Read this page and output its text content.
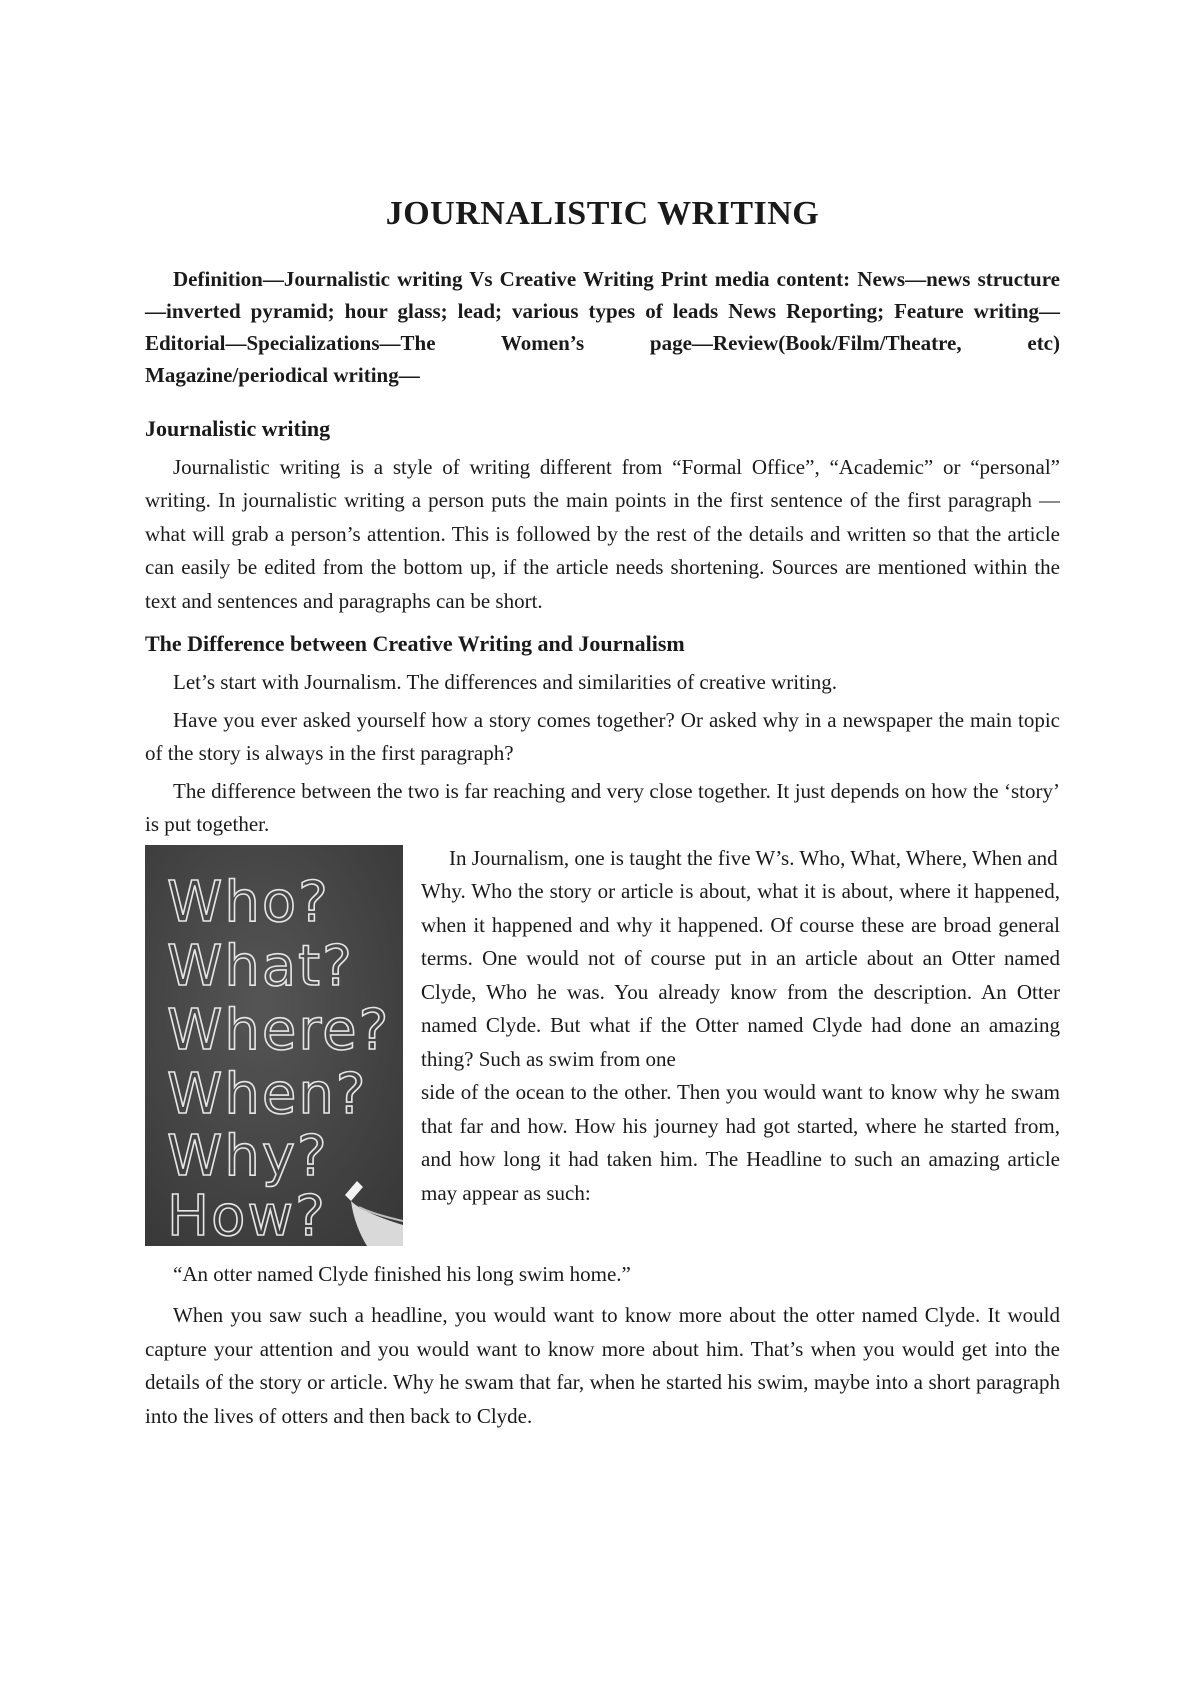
JOURNALISTIC WRITING

Definition—Journalistic writing Vs Creative Writing Print media content: News—news structure—inverted pyramid; hour glass; lead; various types of leads News Reporting; Feature writing—Editorial—Specializations—The Women’s page—Review(Book/Film/Theatre, etc) Magazine/periodical writing—

Journalistic writing

Journalistic writing is a style of writing different from “Formal Office”, “Academic” or “personal” writing. In journalistic writing a person puts the main points in the first sentence of the first paragraph — what will grab a person’s attention. This is followed by the rest of the details and written so that the article can easily be edited from the bottom up, if the article needs shortening. Sources are mentioned within the text and sentences and paragraphs can be short.

The Difference between Creative Writing and Journalism

Let’s start with Journalism. The differences and similarities of creative writing.

Have you ever asked yourself how a story comes together? Or asked why in a newspaper the main topic of the story is always in the first paragraph?

The difference between the two is far reaching and very close together. It just depends on how the ‘story’ is put together.

Who?
What?
Where?
When?
Why?
How?
In Journalism, one is taught the five W’s. Who, What, Where, When and
Why. Who the story or article is about, what it is about, where it happened, when it happened and why it happened. Of course these are broad general terms. One would not of course put in an article about an Otter named Clyde, Who he was. You already know from the description. An Otter named Clyde. But what if the Otter named Clyde had done an amazing thing? Such as swim from one
side of the ocean to the other. Then you would want to know why he swam that far and how. How his journey had got started, where he started from, and how long it had taken him. The Headline to such an amazing article may appear as such:

“An otter named Clyde finished his long swim home.”

When you saw such a headline, you would want to know more about the otter named Clyde. It would capture your attention and you would want to know more about him. That’s when you would get into the details of the story or article. Why he swam that far, when he started his swim, maybe into a short paragraph into the lives of otters and then back to Clyde.
